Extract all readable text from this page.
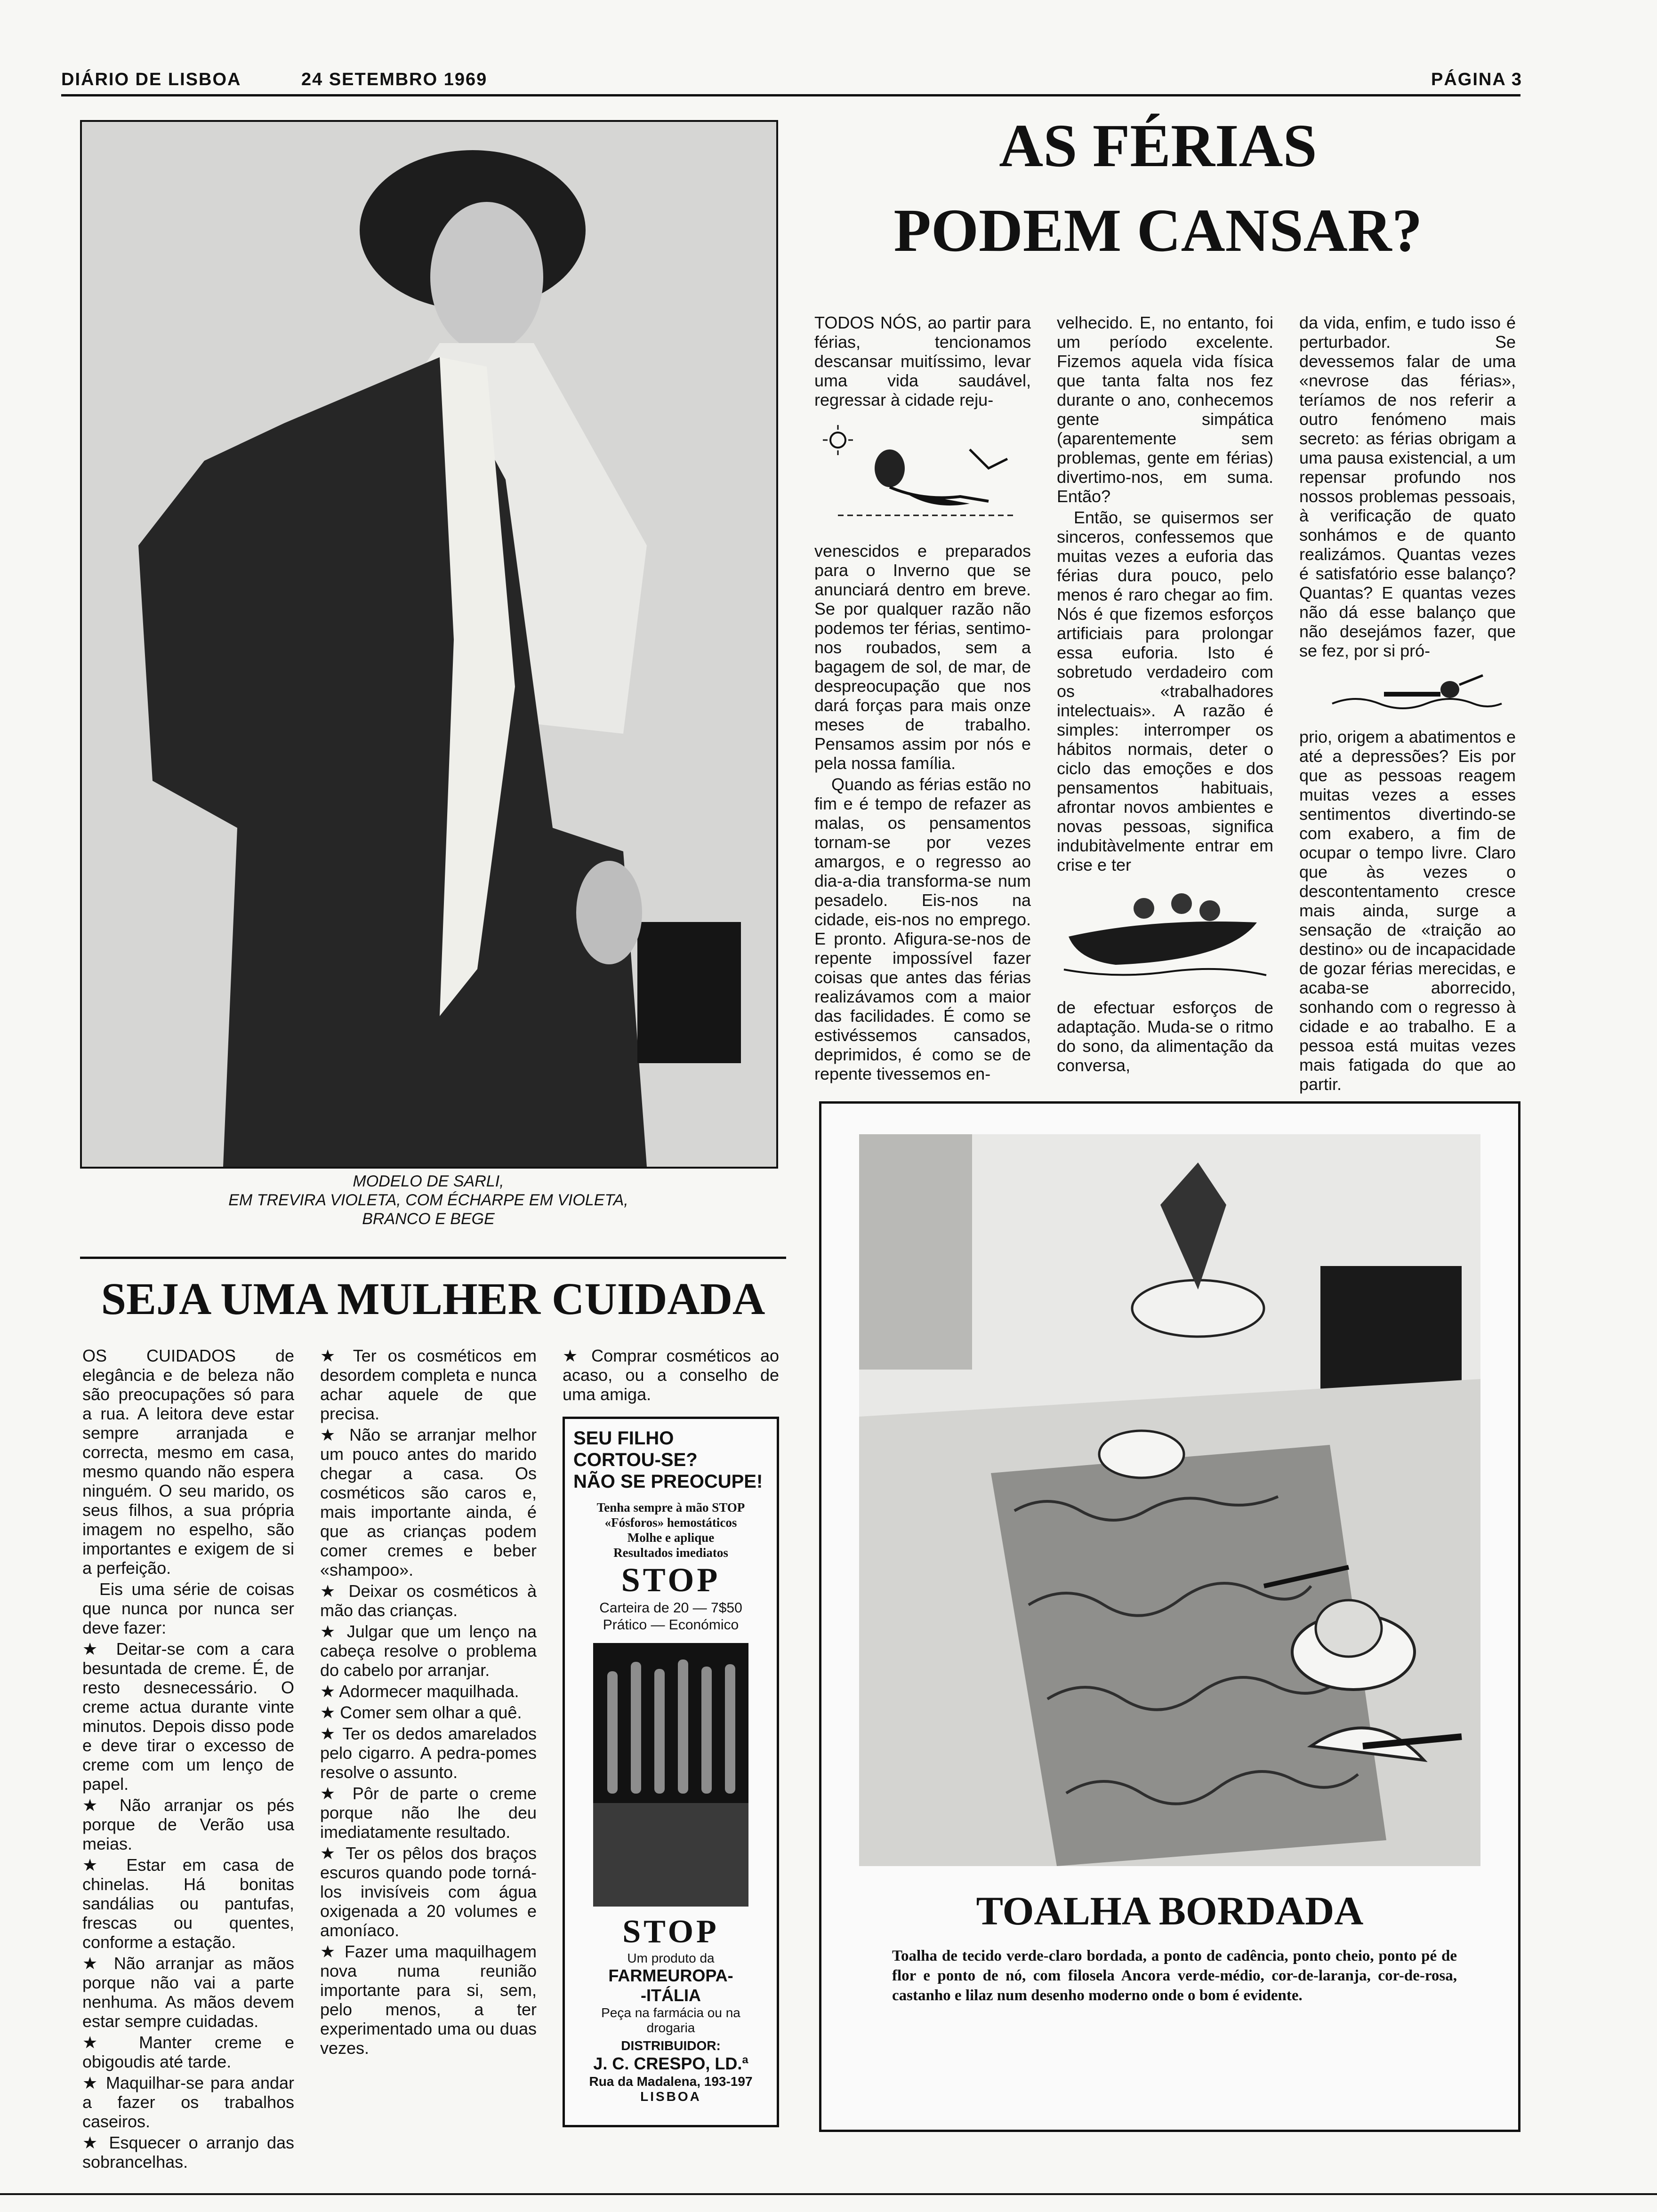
DIÁRIO DE LISBOA	24 SETEMBRO 1969	PÁGINA 3
MODELO DE SARLI,
EM TREVIRA VIOLETA, COM ÉCHARPE EM VIOLETA,
BRANCO E BEGE
AS FÉRIAS
PODEM CANSAR?

TODOS NÓS, ao partir para férias, tencionamos descansar muitíssimo, levar uma vida saudável, regressar à cidade reju-

venescidos e preparados para o Inverno que se anunciará dentro em breve. Se por qualquer razão não podemos ter férias, sentimo-nos roubados, sem a bagagem de sol, de mar, de despreocupação que nos dará forças para mais onze meses de trabalho. Pensamos assim por nós e pela nossa família.

Quando as férias estão no fim e é tempo de refazer as malas, os pensamentos tornam-se por vezes amargos, e o regresso ao dia-a-dia transforma-se num pesadelo. Eis-nos na cidade, eis-nos no emprego. E pronto. Afigura-se-nos de repente impossível fazer coisas que antes das férias realizávamos com a maior das facilidades. É como se estivéssemos cansados, deprimidos, é como se de repente tivessemos en-

velhecido. E, no entanto, foi um período excelente. Fizemos aquela vida física que tanta falta nos fez durante o ano, conhecemos gente simpática (aparentemente sem problemas, gente em férias) divertimo-nos, em suma. Então?

Então, se quisermos ser sinceros, confessemos que muitas vezes a euforia das férias dura pouco, pelo menos é raro chegar ao fim. Nós é que fizemos esforços artificiais para prolongar essa euforia. Isto é sobretudo verdadeiro com os «trabalhadores intelectuais». A razão é simples: interromper os hábitos normais, deter o ciclo das emoções e dos pensamentos habituais, afrontar novos ambientes e novas pessoas, significa indubitàvelmente entrar em crise e ter

de efectuar esforços de adaptação. Muda-se o ritmo do sono, da alimentação da conversa,

da vida, enfim, e tudo isso é perturbador. Se devessemos falar de uma «nevrose das férias», teríamos de nos referir a outro fenómeno mais secreto: as férias obrigam a uma pausa existencial, a um repensar profundo nos nossos problemas pessoais, à verificação de quato sonhámos e de quanto realizámos. Quantas vezes é satisfatório esse balanço? Quantas? E quantas vezes não dá esse balanço que não desejámos fazer, que se fez, por si pró-

prio, origem a abatimentos e até a depressões? Eis por que as pessoas reagem muitas vezes a esses sentimentos divertindo-se com exabero, a fim de ocupar o tempo livre. Claro que às vezes o descontentamento cresce mais ainda, surge a sensação de «traição ao destino» ou de incapacidade de gozar férias merecidas, e acaba-se aborrecido, sonhando com o regresso à cidade e ao trabalho. E a pessoa está muitas vezes mais fatigada do que ao partir.

SEJA UMA MULHER CUIDADA

OS CUIDADOS de elegância e de beleza não são preocupações só para a rua. A leitora deve estar sempre arranjada e correcta, mesmo em casa, mesmo quando não espera ninguém. O seu marido, os seus filhos, a sua própria imagem no espelho, são importantes e exigem de si a perfeição.

Eis uma série de coisas que nunca por nunca ser deve fazer:

★ Deitar-se com a cara besuntada de creme. É, de resto desnecessário. O creme actua durante vinte minutos. Depois disso pode e deve tirar o excesso de creme com um lenço de papel.

★ Não arranjar os pés porque de Verão usa meias.

★ Estar em casa de chinelas. Há bonitas sandálias ou pantufas, frescas ou quentes, conforme a estação.

★ Não arranjar as mãos porque não vai a parte nenhuma. As mãos devem estar sempre cuidadas.

★ Manter creme e obigoudis até tarde.

★ Maquilhar-se para andar a fazer os trabalhos caseiros.

★ Esquecer o arranjo das sobrancelhas.

★ Ter os cosméticos em desordem completa e nunca achar aquele de que precisa.

★ Não se arranjar melhor um pouco antes do marido chegar a casa. Os cosméticos são caros e, mais importante ainda, é que as crianças podem comer cremes e beber «shampoo».

★ Deixar os cosméticos à mão das crianças.

★ Julgar que um lenço na cabeça resolve o problema do cabelo por arranjar.

★ Adormecer maquilhada.

★ Comer sem olhar a quê.

★ Ter os dedos amarelados pelo cigarro. A pedra-pomes resolve o assunto.

★ Pôr de parte o creme porque não lhe deu imediatamente resultado.

★ Ter os pêlos dos braços escuros quando pode torná-los invisíveis com água oxigenada a 20 volumes e amoníaco.

★ Fazer uma maquilhagem nova numa reunião importante para si, sem, pelo menos, a ter experimentado uma ou duas vezes.

★ Comprar cosméticos ao acaso, ou a conselho de uma amiga.

SEU FILHO
CORTOU-SE?
NÃO SE PREOCUPE!

Tenha sempre à mão STOP

«Fósforos» hemostáticos

Molhe e aplique

Resultados imediatos

STOP

Carteira de 20 — 7$50

Prático — Económico

STOP

Um produto da

FARMEUROPA-

-ITÁLIA

Peça na farmácia ou na

drogaria

DISTRIBUIDOR:

J. C. CRESPO, LD.ª

Rua da Madalena, 193-197

LISBOA

TOALHA BORDADA

Toalha de tecido verde-claro bordada, a ponto de cadência, ponto cheio, ponto pé de flor e ponto de nó, com filosela Ancora verde-médio, cor-de-laranja, cor-de-rosa, castanho e lilaz num desenho moderno onde o bom é evidente.
